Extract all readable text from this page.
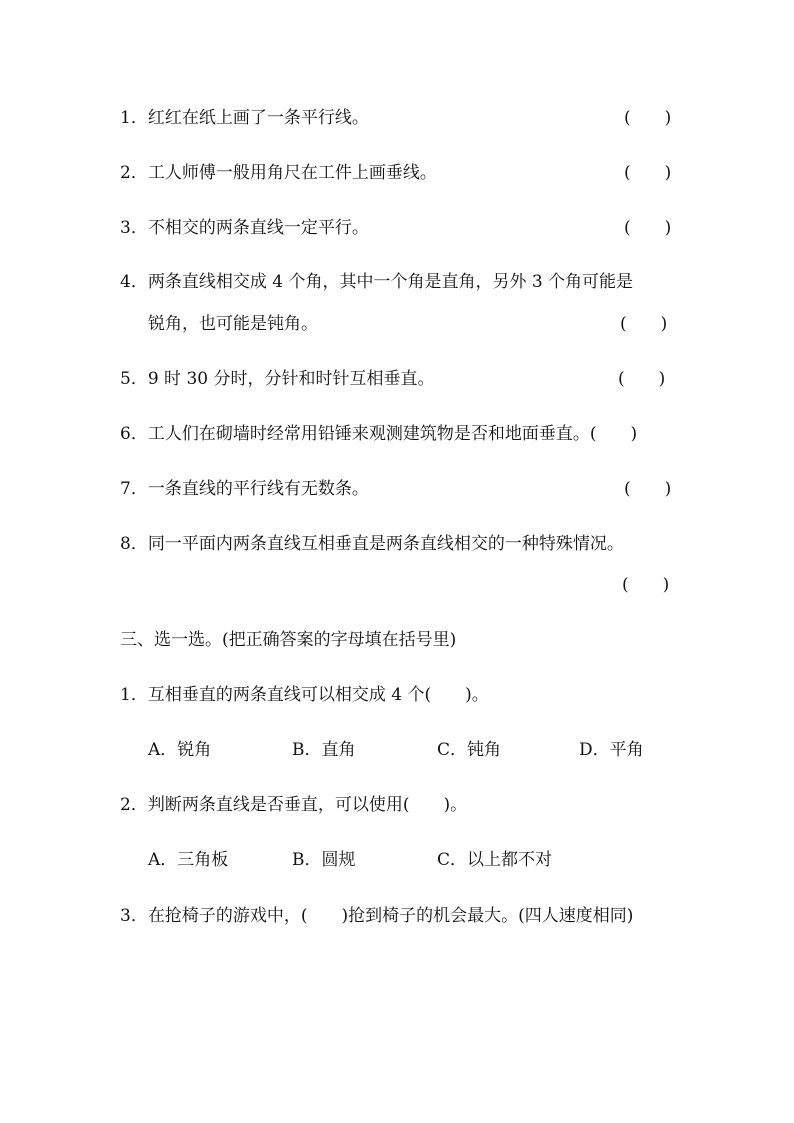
1．红红在纸上画了一条平行线。	(　　)
2．工人师傅一般用角尺在工件上画垂线。	(　　)
3．不相交的两条直线一定平行。	(　　)
4．两条直线相交成 4 个角，其中一个角是直角，另外 3 个角可能是
锐角，也可能是钝角。	(　　)
5．9 时 30 分时，分针和时针互相垂直。	(　　)
6．工人们在砌墙时经常用铅锤来观测建筑物是否和地面垂直。(　　)
7．一条直线的平行线有无数条。	(　　)
8．同一平面内两条直线互相垂直是两条直线相交的一种特殊情况。
(　　)
三、选一选。(把正确答案的字母填在括号里)
1．互相垂直的两条直线可以相交成 4 个(　　)。
A．锐角	B．直角	C．钝角	D．平角
2．判断两条直线是否垂直，可以使用(　　)。
A．三角板	B．圆规	C．以上都不对
3．在抢椅子的游戏中，(　　)抢到椅子的机会最大。(四人速度相同)
